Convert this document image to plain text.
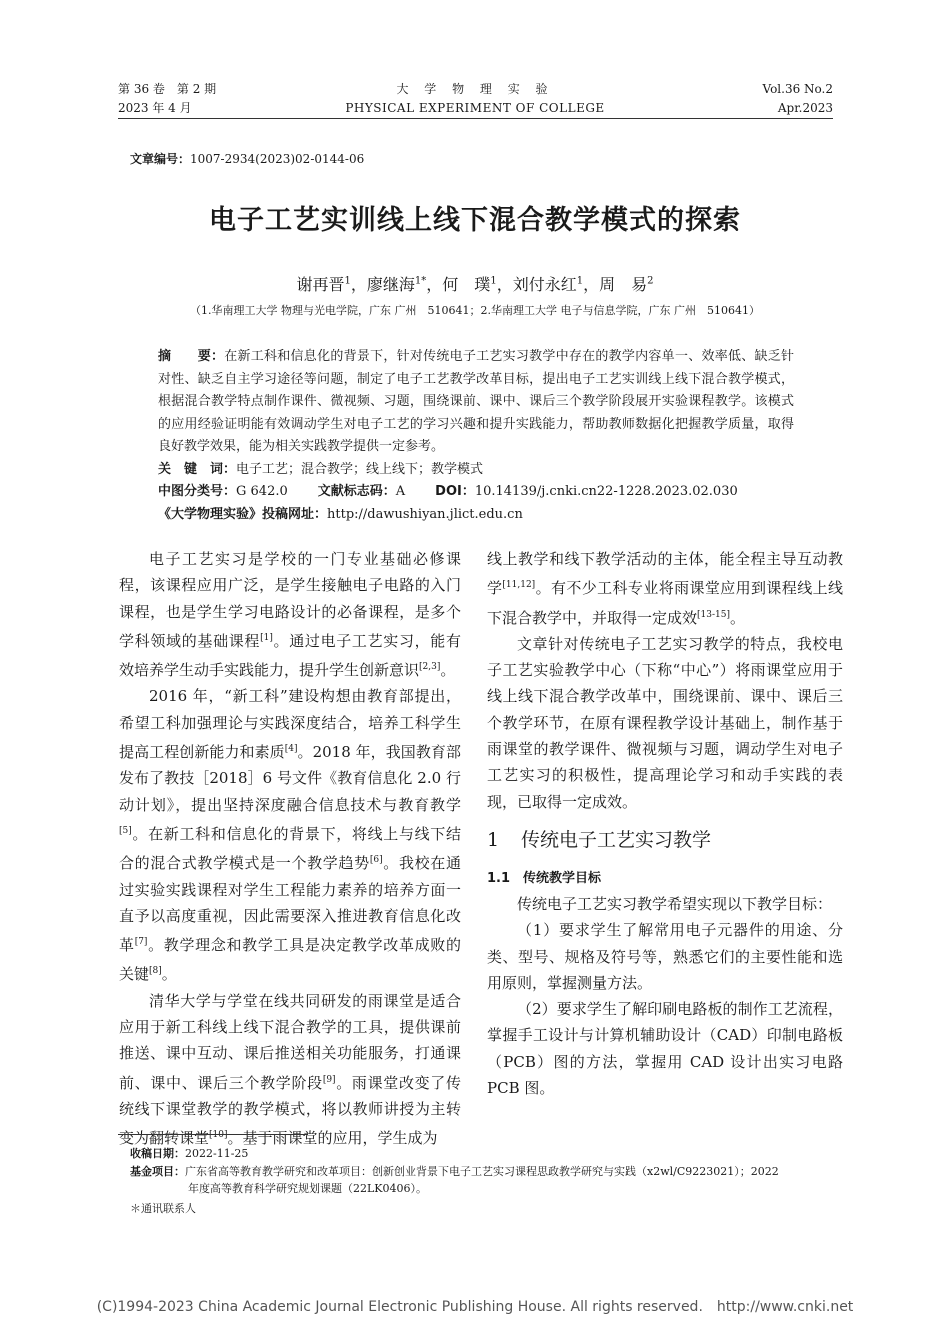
第 36 卷　第 2 期
2023 年 4 月
大 学 物 理 实 验
PHYSICAL EXPERIMENT OF COLLEGE
Vol.36 No.2
Apr.2023
文章编号：1007-2934(2023)02-0144-06
电子工艺实训线上线下混合教学模式的探索
谢再晋$^1$，廖继海$^{1*}$，何　璞$^1$，刘付永红$^1$，周　易$^2$
（1.华南理工大学 物理与光电学院，广东 广州　510641；2.华南理工大学 电子与信息学院，广东 广州　510641）

摘　　要：在新工科和信息化的背景下，针对传统电子工艺实习教学中存在的教学内容单一、效率低、缺乏针对性、缺乏自主学习途径等问题，制定了电子工艺教学改革目标，提出电子工艺实训线上线下混合教学模式，根据混合教学特点制作课件、微视频、习题，围绕课前、课中、课后三个教学阶段展开实验课程教学。该模式的应用经验证明能有效调动学生对电子工艺的学习兴趣和提升实践能力，帮助教师数据化把握教学质量，取得良好教学效果，能为相关实践教学提供一定参考。

关　键　词：电子工艺；混合教学；线上线下；教学模式

中图分类号：G 642.0 文献标志码：A DOI：10.14139/j.cnki.cn22-1228.2023.02.030

《大学物理实验》投稿网址：http://dawushiyan.jlict.edu.cn

电子工艺实习是学校的一门专业基础必修课程，该课程应用广泛，是学生接触电子电路的入门课程，也是学生学习电路设计的必备课程，是多个学科领域的基础课程[1]。通过电子工艺实习，能有效培养学生动手实践能力，提升学生创新意识[2,3]。

2016 年，“新工科”建设构想由教育部提出，希望工科加强理论与实践深度结合，培养工科学生提高工程创新能力和素质[4]。2018 年，我国教育部发布了教技［2018］6 号文件《教育信息化 2.0 行动计划》，提出坚持深度融合信息技术与教育教学[5]。在新工科和信息化的背景下，将线上与线下结合的混合式教学模式是一个教学趋势[6]。我校在通过实验实践课程对学生工程能力素养的培养方面一直予以高度重视，因此需要深入推进教育信息化改革[7]。教学理念和教学工具是决定教学改革成败的关键[8]。

清华大学与学堂在线共同研发的雨课堂是适合应用于新工科线上线下混合教学的工具，提供课前推送、课中互动、课后推送相关功能服务，打通课前、课中、课后三个教学阶段[9]。雨课堂改变了传统线下课堂教学的教学模式，将以教师讲授为主转变为翻转课堂[10]。基于雨课堂的应用，学生成为

线上教学和线下教学活动的主体，能全程主导互动教学[11,12]。有不少工科专业将雨课堂应用到课程线上线下混合教学中，并取得一定成效[13-15]。

文章针对传统电子工艺实习教学的特点，我校电子工艺实验教学中心（下称“中心”）将雨课堂应用于线上线下混合教学改革中，围绕课前、课中、课后三个教学环节，在原有课程教学设计基础上，制作基于雨课堂的教学课件、微视频与习题，调动学生对电子工艺实习的积极性，提高理论学习和动手实践的表现，已取得一定成效。

1 传统电子工艺实习教学
1.1　 传统教学目标

传统电子工艺实习教学希望实现以下教学目标：

（1）要求学生了解常用电子元器件的用途、分类、型号、规格及符号等，熟悉它们的主要性能和选用原则，掌握测量方法。

（2）要求学生了解印刷电路板的制作工艺流程，掌握手工设计与计算机辅助设计（CAD）印制电路板（PCB）图的方法，掌握用 CAD 设计出实习电路 PCB 图。

收稿日期：2022-11-25
基金项目：广东省高等教育教学研究和改革项目：创新创业背景下电子工艺实习课程思政教学研究与实践（x2wl/C9223021）；2022
年度高等教育科学研究规划课题（22LK0406）。
＊通讯联系人
(C)1994-2023 China Academic Journal Electronic Publishing House. All rights reserved.　http://www.cnki.net
